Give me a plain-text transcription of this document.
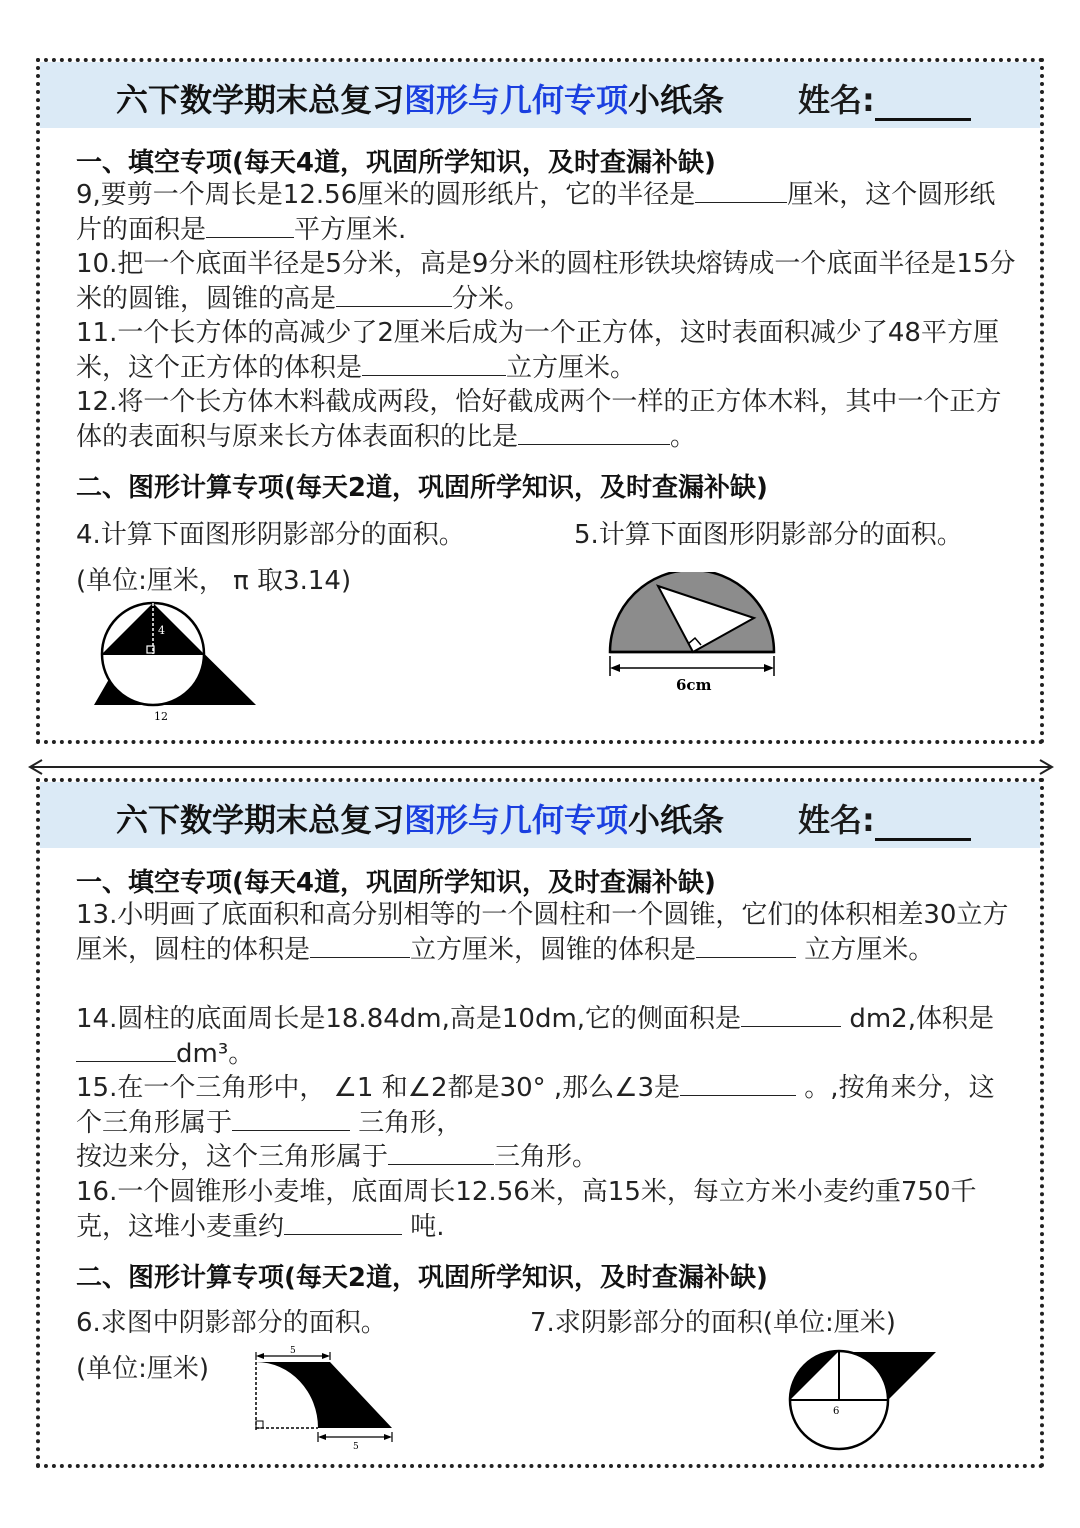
六下数学期末总复习图形与几何专项小纸条 姓名:
一、填空专项(每天4道，巩固所学知识，及时查漏补缺)
9,要剪一个周长是12.56厘米的圆形纸片，它的半径是	厘米，这个圆形纸片的面积是	平方厘米.
10.把一个底面半径是5分米，高是9分米的圆柱形铁块熔铸成一个底面半径是15分米的圆锥，圆锥的高是	分米。
11.一个长方体的高减少了2厘米后成为一个正方体，这时表面积减少了48平方厘米，这个正方体的体积是	立方厘米。
12.将一个长方体木料截成两段，恰好截成两个一样的正方体木料，其中一个正方体的表面积与原来长方体表面积的比是	。
二、图形计算专项(每天2道，巩固所学知识，及时查漏补缺)
4.计算下面图形阴影部分的面积。	5.计算下面图形阴影部分的面积。
(单位:厘米， π 取3.14)
4
12
6cm
六下数学期末总复习图形与几何专项小纸条 姓名:
一、填空专项(每天4道，巩固所学知识，及时查漏补缺)
13.小明画了底面积和高分别相等的一个圆柱和一个圆锥，它们的体积相差30立方厘米，圆柱的体积是	立方厘米，圆锥的体积是	立方厘米。
14.圆柱的底面周长是18.84dm,高是10dm,它的侧面积是	dm2,体积是dm³。
15.在一个三角形中， ∠1 和∠2都是30° ,那么∠3是	。,按角来分，这个三角形属于	三角形，
按边来分，这个三角形属于	三角形。
16.一个圆锥形小麦堆，底面周长12.56米，高15米，每立方米小麦约重750千克，这堆小麦重约	吨.
二、图形计算专项(每天2道，巩固所学知识，及时查漏补缺)
6.求图中阴影部分的面积。	7.求阴影部分的面积(单位:厘米)
(单位:厘米)
5
5
6
